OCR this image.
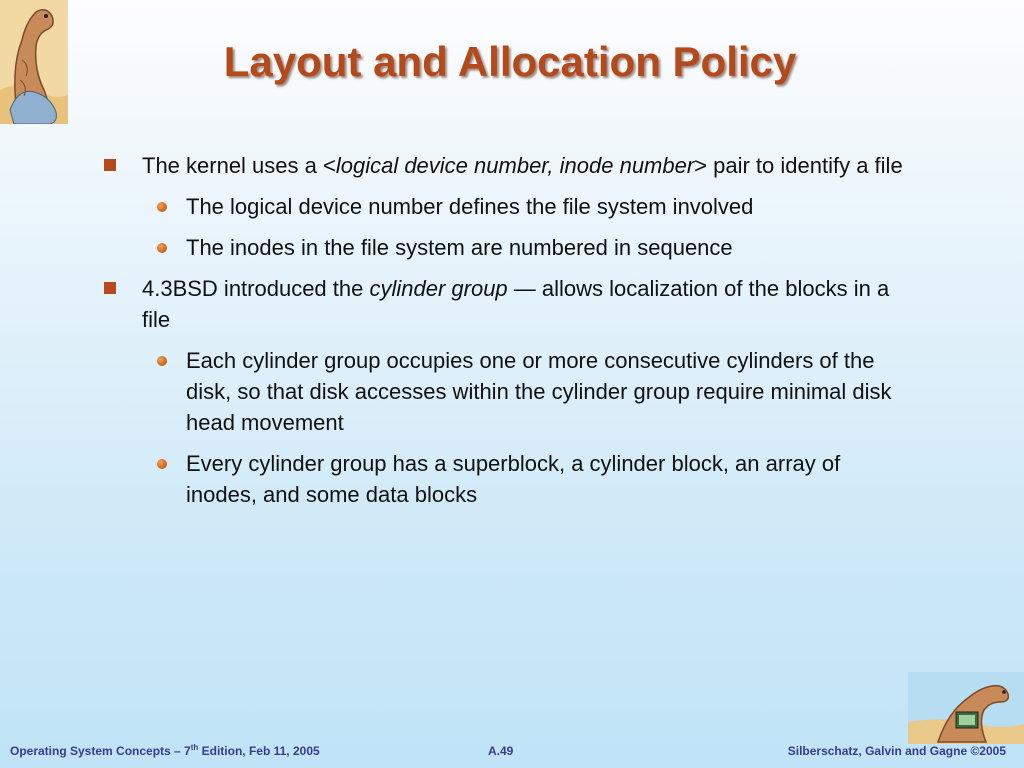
Layout and Allocation Policy
The kernel uses a <logical device number, inode number> pair to identify a file
The logical device number defines the file system involved
The inodes in the file system are numbered in sequence
4.3BSD introduced the cylinder group — allows localization of the blocks in a file
Each cylinder group occupies one or more consecutive cylinders of the disk, so that disk accesses within the cylinder group require minimal disk head movement
Every cylinder group has a superblock, a cylinder block, an array of inodes, and some data blocks
Operating System Concepts – 7th Edition, Feb 11, 2005	A.49	Silberschatz, Galvin and Gagne ©2005
